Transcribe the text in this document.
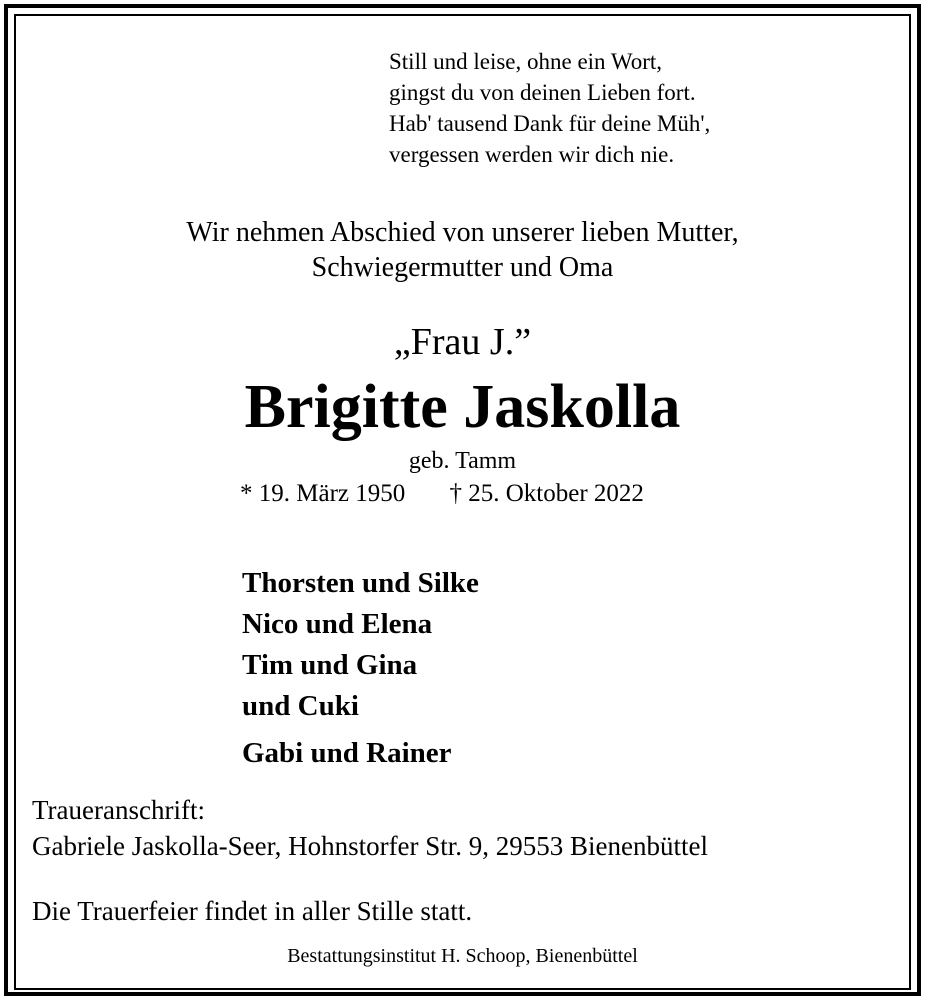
Still und leise, ohne ein Wort,
gingst du von deinen Lieben fort.
Hab' tausend Dank für deine Müh',
vergessen werden wir dich nie.
Wir nehmen Abschied von unserer lieben Mutter,
Schwiegermutter und Oma
„Frau J.”
Brigitte Jaskolla
geb. Tamm
* 19. März 1950 † 25. Oktober 2022
Thorsten und Silke
Nico und Elena
Tim und Gina
und Cuki
Gabi und Rainer
Traueranschrift:
Gabriele Jaskolla-Seer, Hohnstorfer Str. 9, 29553 Bienenbüttel
Die Trauerfeier findet in aller Stille statt.
Bestattungsinstitut H. Schoop, Bienenbüttel
